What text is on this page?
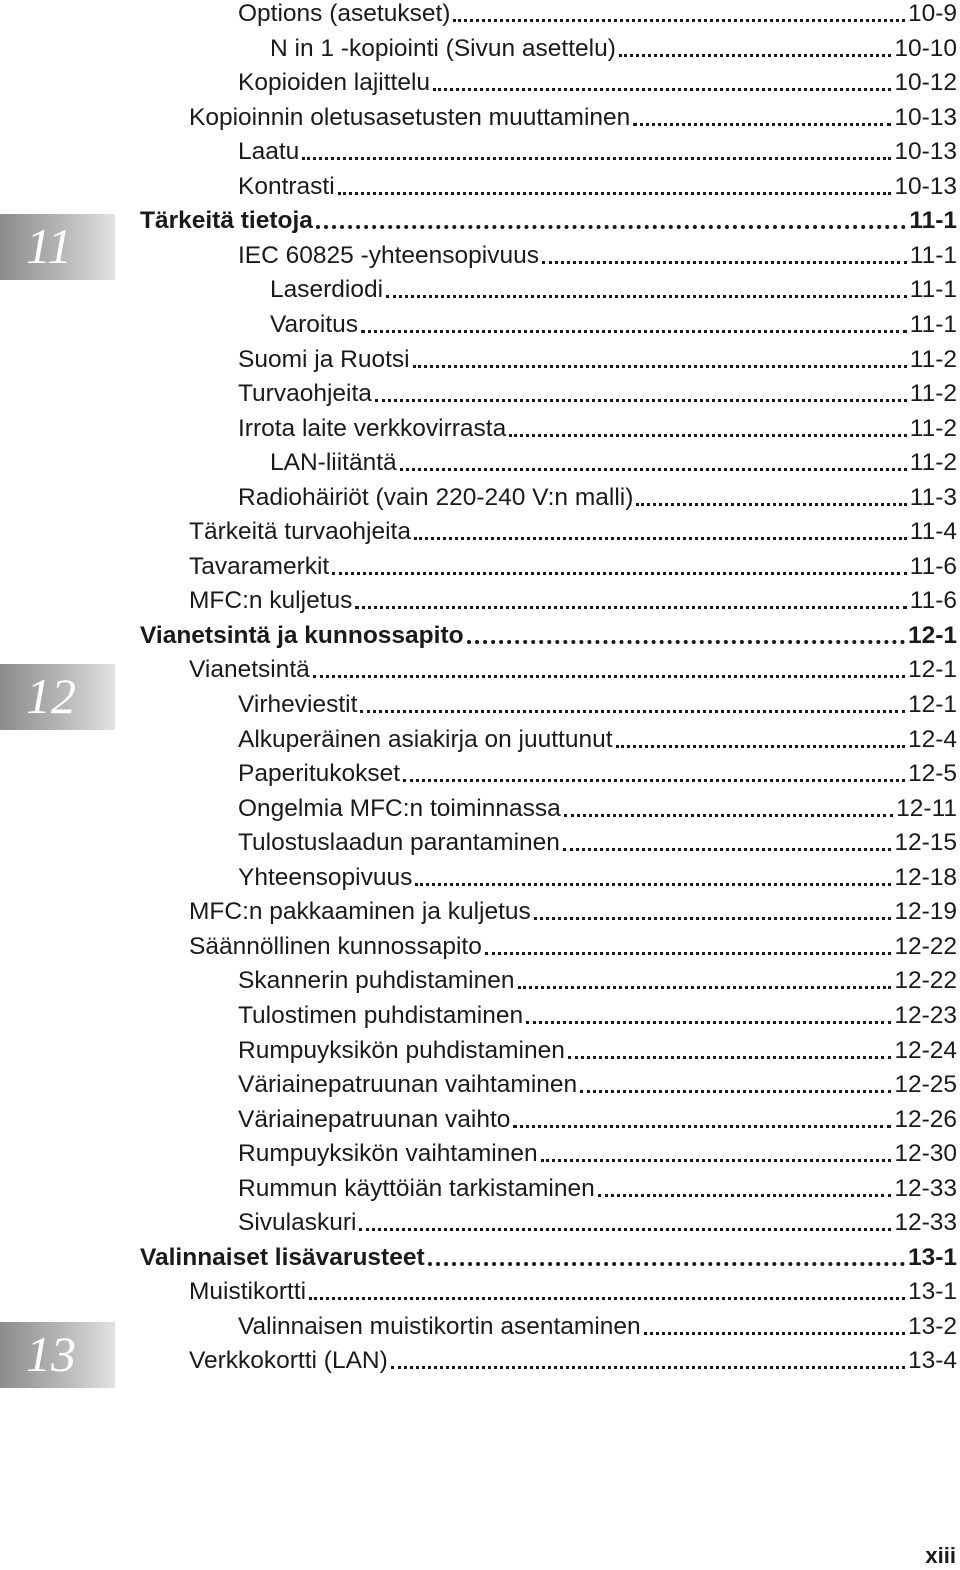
11
12
13
Options (asetukset)	10-9
N in 1 -kopiointi (Sivun asettelu)	10-10
Kopioiden lajittelu	10-12
Kopioinnin oletusasetusten muuttaminen	10-13
Laatu	10-13
Kontrasti	10-13
Tärkeitä tietoja	11-1
IEC 60825 -yhteensopivuus	11-1
Laserdiodi	11-1
Varoitus	11-1
Suomi ja Ruotsi	11-2
Turvaohjeita	11-2
Irrota laite verkkovirrasta	11-2
LAN-liitäntä	11-2
Radiohäiriöt (vain 220-240 V:n malli)	11-3
Tärkeitä turvaohjeita	11-4
Tavaramerkit	11-6
MFC:n kuljetus	11-6
Vianetsintä ja kunnossapito	12-1
Vianetsintä	12-1
Virheviestit	12-1
Alkuperäinen asiakirja on juuttunut	12-4
Paperitukokset	12-5
Ongelmia MFC:n toiminnassa	12-11
Tulostuslaadun parantaminen	12-15
Yhteensopivuus	12-18
MFC:n pakkaaminen ja kuljetus	12-19
Säännöllinen kunnossapito	12-22
Skannerin puhdistaminen	12-22
Tulostimen puhdistaminen	12-23
Rumpuyksikön puhdistaminen	12-24
Väriainepatruunan vaihtaminen	12-25
Väriainepatruunan vaihto	12-26
Rumpuyksikön vaihtaminen	12-30
Rummun käyttöiän tarkistaminen	12-33
Sivulaskuri	12-33
Valinnaiset lisävarusteet	13-1
Muistikortti	13-1
Valinnaisen muistikortin asentaminen	13-2
Verkkokortti (LAN)	13-4
xiii
